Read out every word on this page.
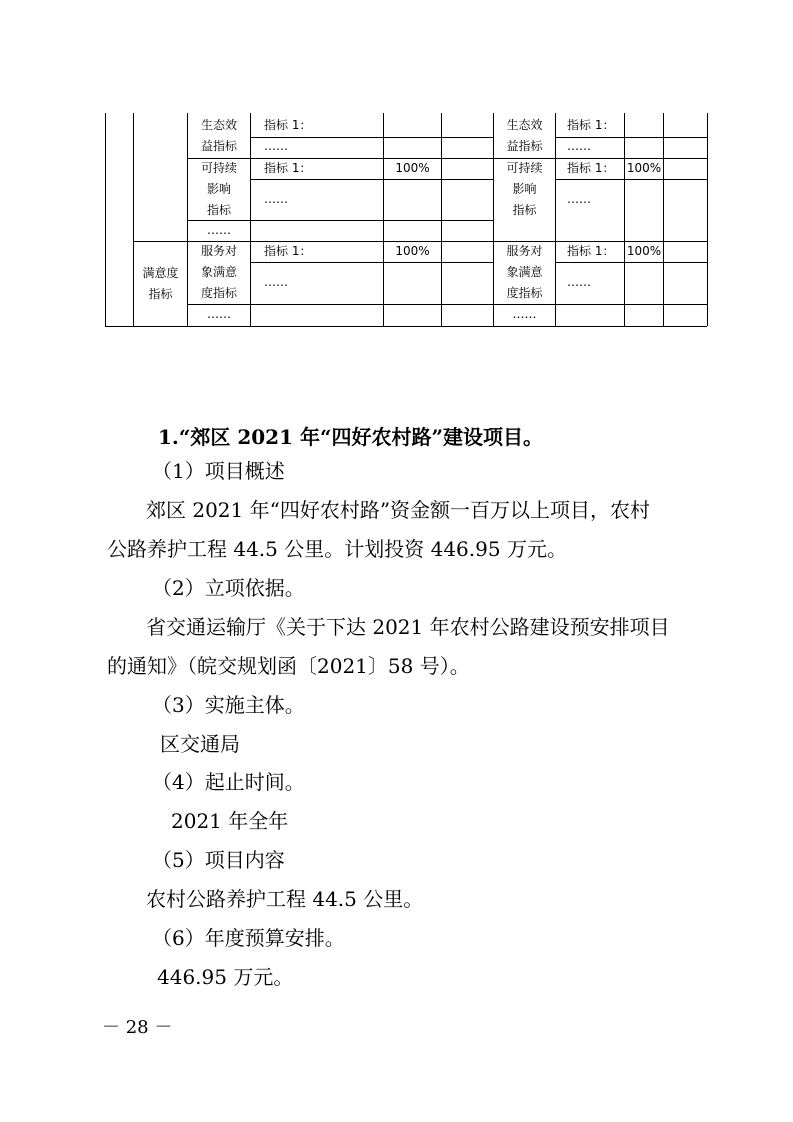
生态效
益指标
指标 1：
……
可持续
影响
指标
指标 1：	100%
……
……
满意度
指标
服务对
象满意
度指标
指标 1：	100%
……
……
生态效
益指标
指标 1：
……
可持续
影响
指标
指标 1： 100%
……
服务对
象满意
度指标
指标 1： 100%
……
……
1.“郊区 2021 年“四好农村路”建设项目。
（1）项目概述
郊区 2021 年“四好农村路”资金额一百万以上项目，农村
公路养护工程 44.5 公里。计划投资 446.95 万元。
（2）立项依据。
省交通运输厅《关于下达 2021 年农村公路建设预安排项目
的通知》（皖交规划函〔2021〕58 号）。
（3）实施主体。
区交通局
（4）起止时间。
2021 年全年
（5）项目内容
农村公路养护工程 44.5 公里。
（6）年度预算安排。
446.95 万元。
－ 28 －
